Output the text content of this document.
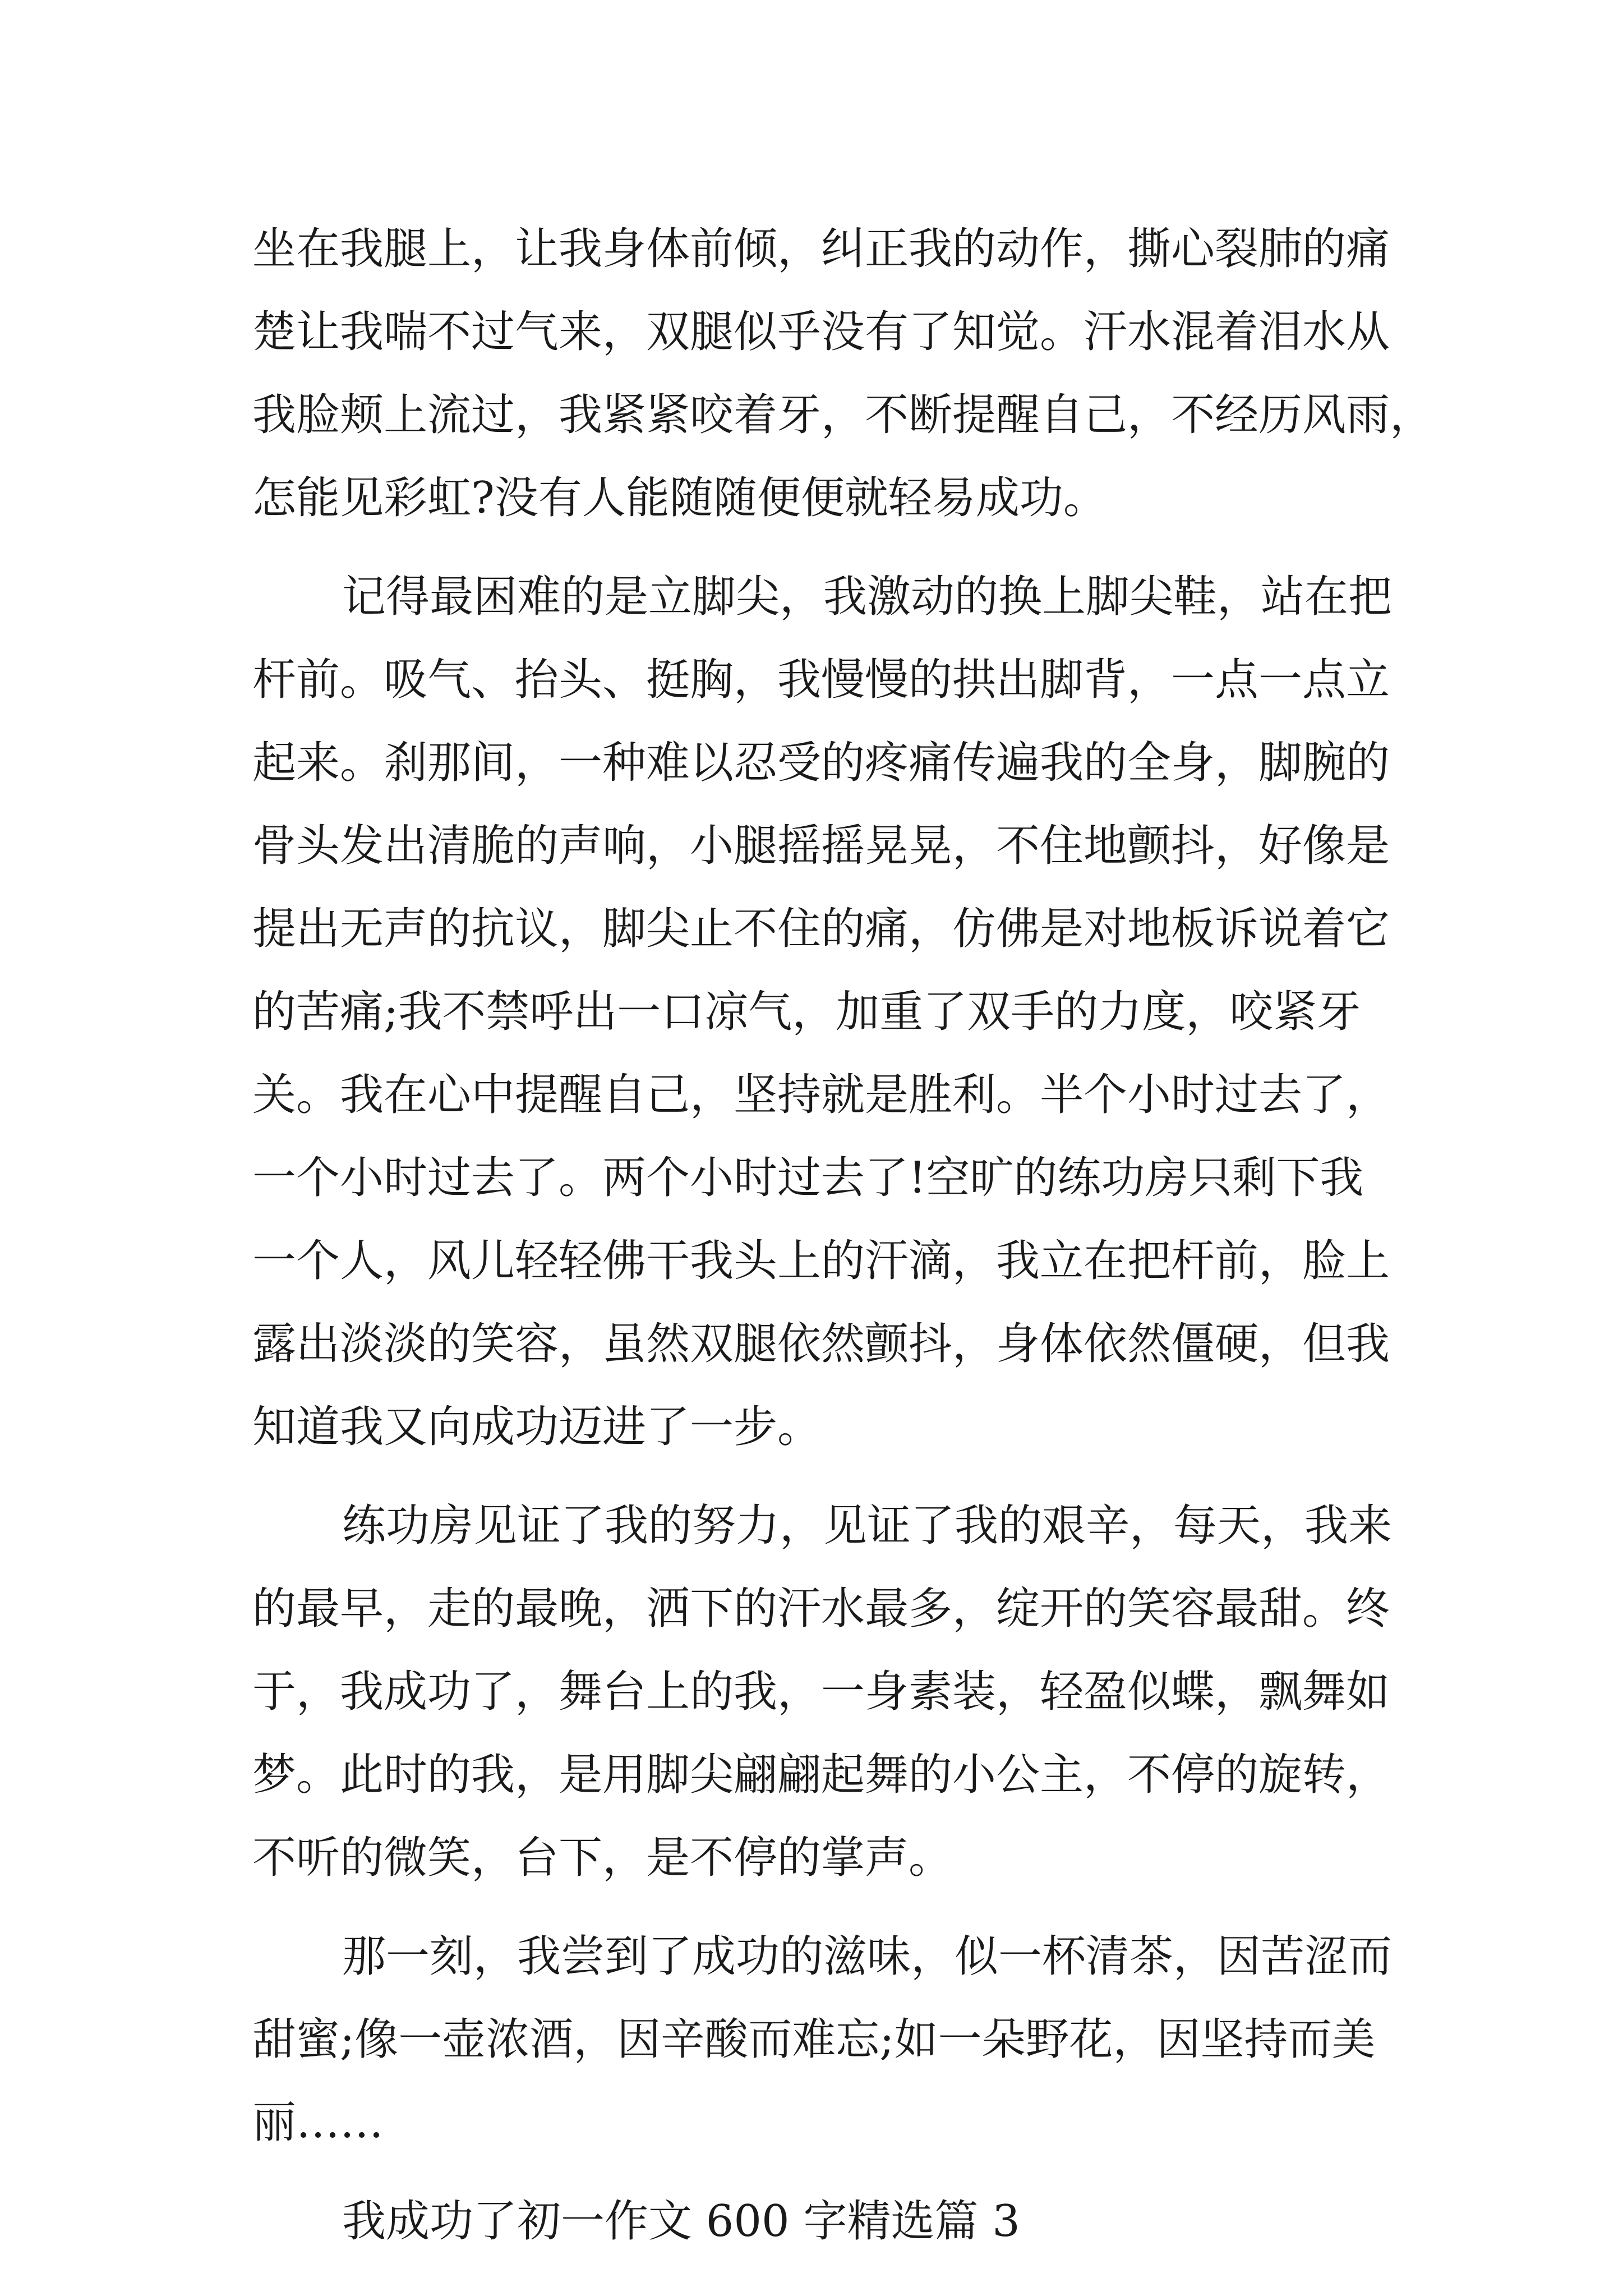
坐在我腿上，让我身体前倾，纠正我的动作，撕心裂肺的痛
楚让我喘不过气来，双腿似乎没有了知觉。汗水混着泪水从
我脸颊上流过，我紧紧咬着牙，不断提醒自己，不经历风雨，
怎能见彩虹?没有人能随随便便就轻易成功。
记得最困难的是立脚尖，我激动的换上脚尖鞋，站在把
杆前。吸气、抬头、挺胸，我慢慢的拱出脚背，一点一点立
起来。刹那间，一种难以忍受的疼痛传遍我的全身，脚腕的
骨头发出清脆的声响，小腿摇摇晃晃，不住地颤抖，好像是
提出无声的抗议，脚尖止不住的痛，仿佛是对地板诉说着它
的苦痛;我不禁呼出一口凉气，加重了双手的力度，咬紧牙
关。我在心中提醒自己，坚持就是胜利。半个小时过去了，
一个小时过去了。两个小时过去了!空旷的练功房只剩下我
一个人，风儿轻轻佛干我头上的汗滴，我立在把杆前，脸上
露出淡淡的笑容，虽然双腿依然颤抖，身体依然僵硬，但我
知道我又向成功迈进了一步。
练功房见证了我的努力，见证了我的艰辛，每天，我来
的最早，走的最晚，洒下的汗水最多，绽开的笑容最甜。终
于，我成功了，舞台上的我，一身素装，轻盈似蝶，飘舞如
梦。此时的我，是用脚尖翩翩起舞的小公主，不停的旋转，
不听的微笑，台下，是不停的掌声。
那一刻，我尝到了成功的滋味，似一杯清茶，因苦涩而
甜蜜;像一壶浓酒，因辛酸而难忘;如一朵野花，因坚持而美
丽……
我成功了初一作文 600 字精选篇 3
